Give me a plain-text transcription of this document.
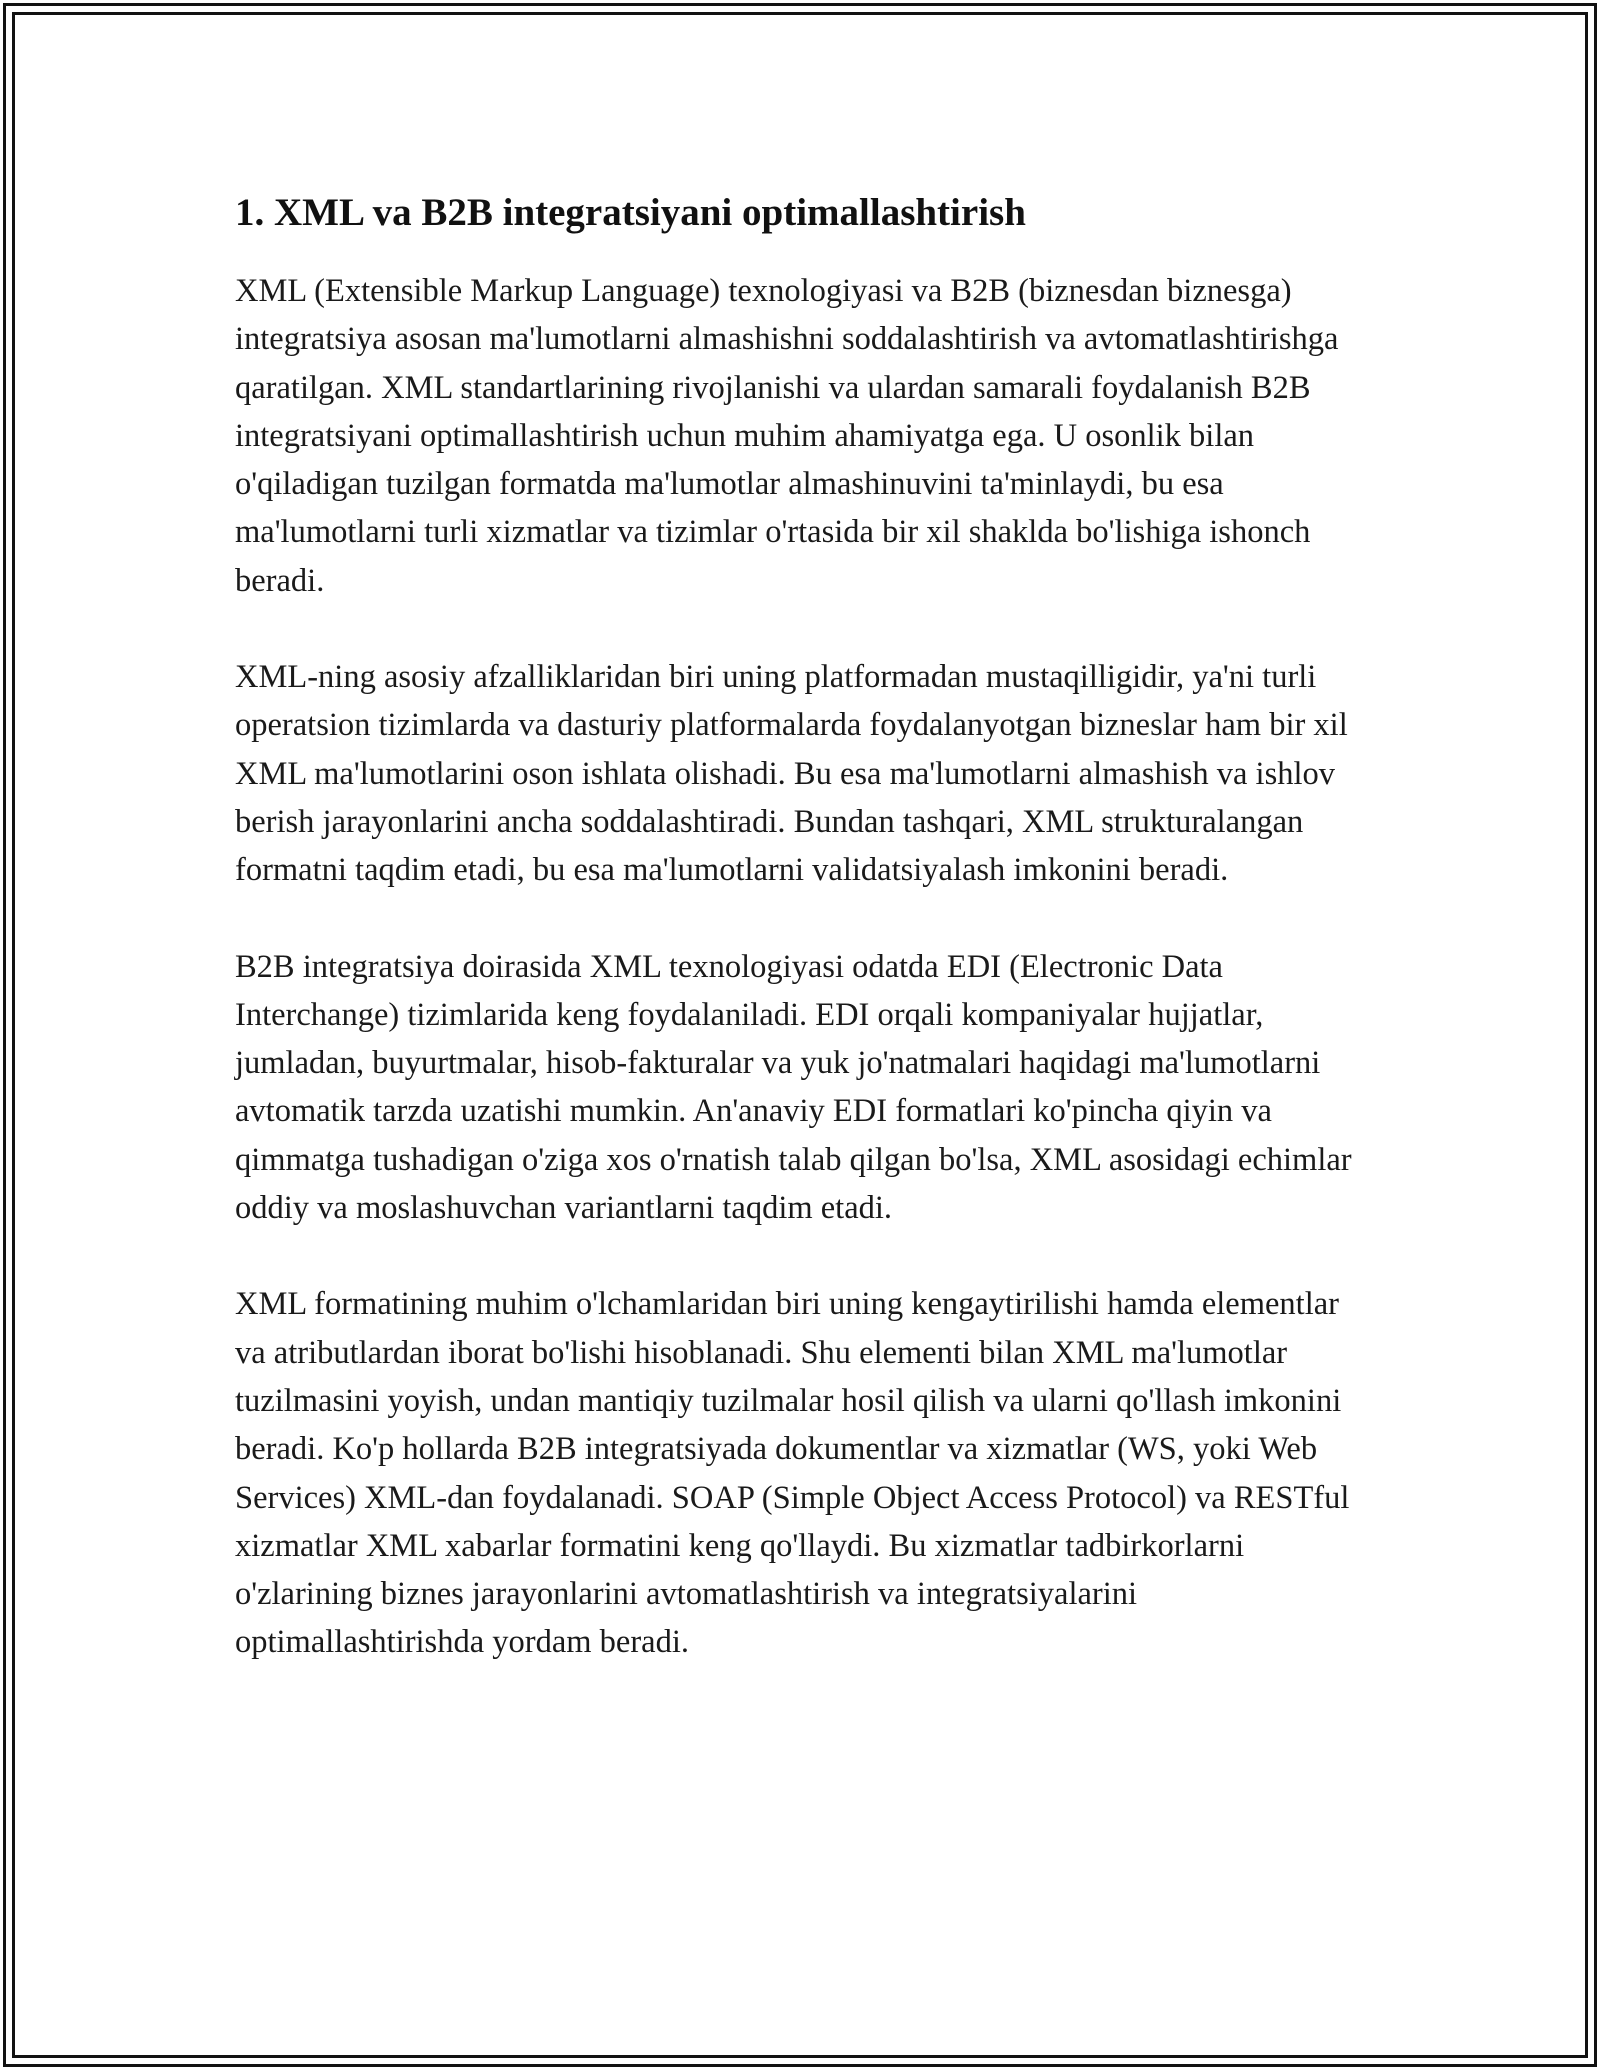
1. XML va B2B integratsiyani optimallashtirish

XML (Extensible Markup Language) texnologiyasi va B2B (biznesdan biznesga) integratsiya asosan ma'lumotlarni almashishni soddalashtirish va avtomatlashtirishga qaratilgan. XML standartlarining rivojlanishi va ulardan samarali foydalanish B2B integratsiyani optimallashtirish uchun muhim ahamiyatga ega. U osonlik bilan o'qiladigan tuzilgan formatda ma'lumotlar almashinuvini ta'minlaydi, bu esa ma'lumotlarni turli xizmatlar va tizimlar o'rtasida bir xil shaklda bo'lishiga ishonch beradi.

XML-ning asosiy afzalliklaridan biri uning platformadan mustaqilligidir, ya'ni turli operatsion tizimlarda va dasturiy platformalarda foydalanyotgan bizneslar ham bir xil XML ma'lumotlarini oson ishlata olishadi. Bu esa ma'lumotlarni almashish va ishlov berish jarayonlarini ancha soddalashtiradi. Bundan tashqari, XML strukturalangan formatni taqdim etadi, bu esa ma'lumotlarni validatsiyalash imkonini beradi.

B2B integratsiya doirasida XML texnologiyasi odatda EDI (Electronic Data Interchange) tizimlarida keng foydalaniladi. EDI orqali kompaniyalar hujjatlar, jumladan, buyurtmalar, hisob-fakturalar va yuk jo'natmalari haqidagi ma'lumotlarni avtomatik tarzda uzatishi mumkin. An'anaviy EDI formatlari ko'pincha qiyin va qimmatga tushadigan o'ziga xos o'rnatish talab qilgan bo'lsa, XML asosidagi echimlar oddiy va moslashuvchan variantlarni taqdim etadi.

XML formatining muhim o'lchamlaridan biri uning kengaytirilishi hamda elementlar va atributlardan iborat bo'lishi hisoblanadi. Shu elementi bilan XML ma'lumotlar tuzilmasini yoyish, undan mantiqiy tuzilmalar hosil qilish va ularni qo'llash imkonini beradi. Ko'p hollarda B2B integratsiyada dokumentlar va xizmatlar (WS, yoki Web Services) XML-dan foydalanadi. SOAP (Simple Object Access Protocol) va RESTful xizmatlar XML xabarlar formatini keng qo'llaydi. Bu xizmatlar tadbirkorlarni o'zlarining biznes jarayonlarini avtomatlashtirish va integratsiyalarini optimallashtirishda yordam beradi.
